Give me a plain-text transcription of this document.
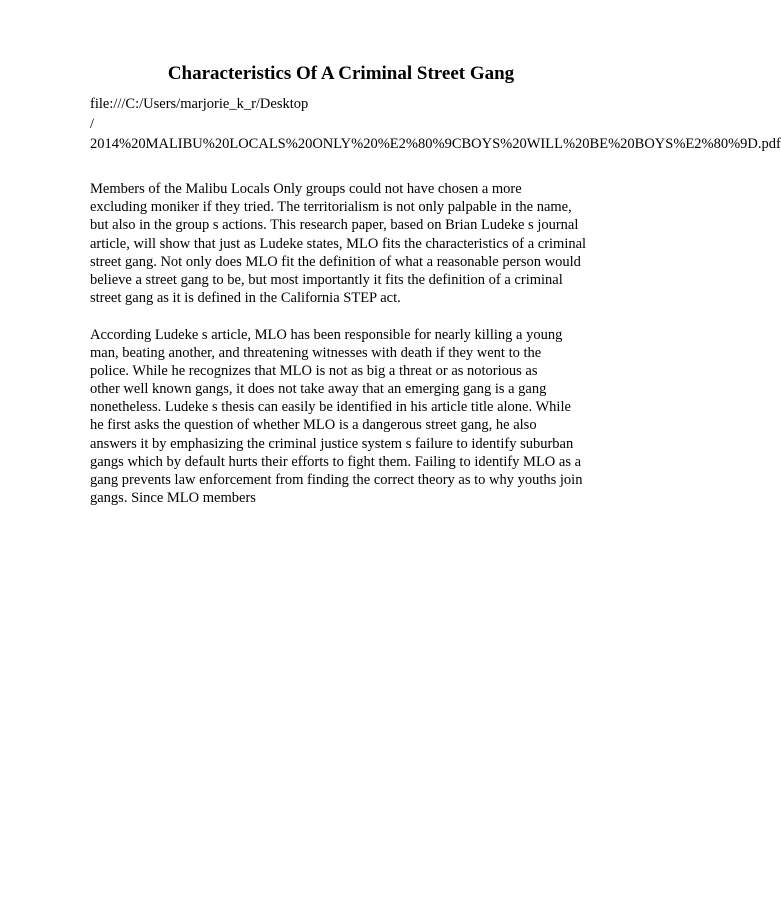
Characteristics Of A Criminal Street Gang
file:///C:/Users/marjorie_k_r/Desktop
/
2014%20MALIBU%20LOCALS%20ONLY%20%E2%80%9CBOYS%20WILL%20BE%20BOYS%E2%80%9D.pdf
Members of the Malibu Locals Only groups could not have chosen a more
excluding moniker if they tried. The territorialism is not only palpable in the name,
but also in the group s actions. This research paper, based on Brian Ludeke s journal
article, will show that just as Ludeke states, MLO fits the characteristics of a criminal
street gang. Not only does MLO fit the definition of what a reasonable person would
believe a street gang to be, but most importantly it fits the definition of a criminal
street gang as it is defined in the California STEP act.
According Ludeke s article, MLO has been responsible for nearly killing a young
man, beating another, and threatening witnesses with death if they went to the
police. While he recognizes that MLO is not as big a threat or as notorious as
other well known gangs, it does not take away that an emerging gang is a gang
nonetheless. Ludeke s thesis can easily be identified in his article title alone. While
he first asks the question of whether MLO is a dangerous street gang, he also
answers it by emphasizing the criminal justice system s failure to identify suburban
gangs which by default hurts their efforts to fight them. Failing to identify MLO as a
gang prevents law enforcement from finding the correct theory as to why youths join
gangs. Since MLO members
